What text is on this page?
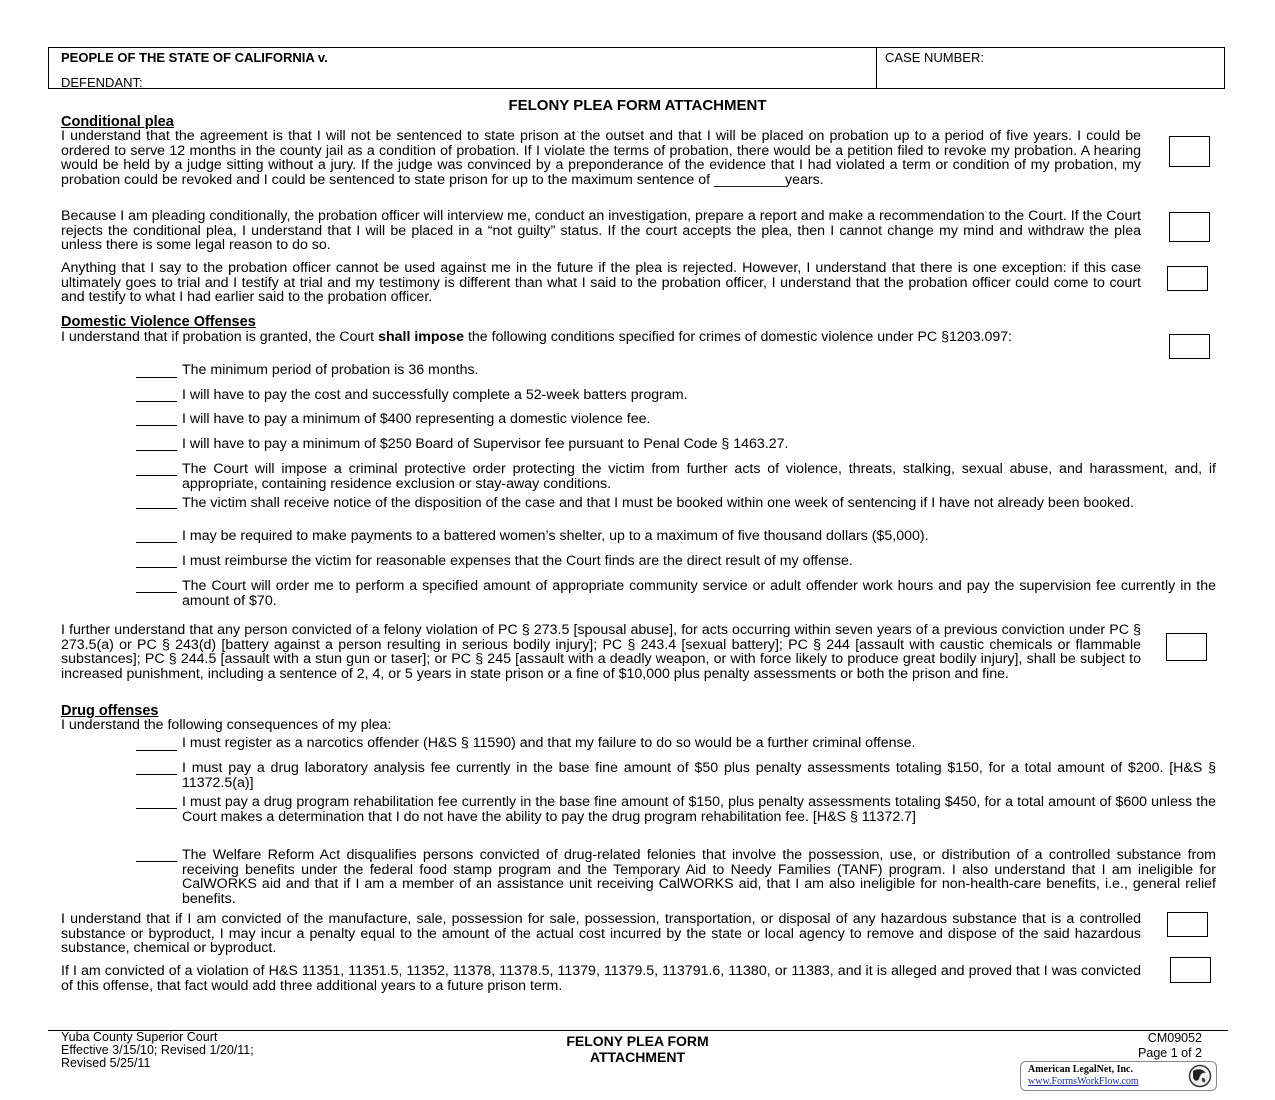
PEOPLE OF THE STATE OF CALIFORNIA v.
DEFENDANT:
CASE NUMBER:
FELONY PLEA FORM ATTACHMENT
Conditional plea

I understand that the agreement is that I will not be sentenced to state prison at the outset and that I will be placed on probation up to a period of five years. I could be ordered to serve 12 months in the county jail as a condition of probation. If I violate the terms of probation, there would be a petition filed to revoke my probation. A hearing would be held by a judge sitting without a jury. If the judge was convinced by a preponderance of the evidence that I had violated a term or condition of my probation, my probation could be revoked and I could be sentenced to state prison for up to the maximum sentence of _________years.

Because I am pleading conditionally, the probation officer will interview me, conduct an investigation, prepare a report and make a recommendation to the Court. If the Court rejects the conditional plea, I understand that I will be placed in a “not guilty” status. If the court accepts the plea, then I cannot change my mind and withdraw the plea unless there is some legal reason to do so.

Anything that I say to the probation officer cannot be used against me in the future if the plea is rejected. However, I understand that there is one exception: if this case ultimately goes to trial and I testify at trial and my testimony is different than what I said to the probation officer, I understand that the probation officer could come to court and testify to what I had earlier said to the probation officer.

Domestic Violence Offenses

I understand that if probation is granted, the Court shall impose the following conditions specified for crimes of domestic violence under PC §1203.097:

The minimum period of probation is 36 months.

I will have to pay the cost and successfully complete a 52-week batters program.

I will have to pay a minimum of $400 representing a domestic violence fee.

I will have to pay a minimum of $250 Board of Supervisor fee pursuant to Penal Code § 1463.27.

The Court will impose a criminal protective order protecting the victim from further acts of violence, threats, stalking, sexual abuse, and harassment, and, if appropriate, containing residence exclusion or stay-away conditions.

The victim shall receive notice of the disposition of the case and that I must be booked within one week of sentencing if I have not already been booked.

I may be required to make payments to a battered women’s shelter, up to a maximum of five thousand dollars ($5,000).

I must reimburse the victim for reasonable expenses that the Court finds are the direct result of my offense.

The Court will order me to perform a specified amount of appropriate community service or adult offender work hours and pay the supervision fee currently in the amount of $70.

I further understand that any person convicted of a felony violation of PC § 273.5 [spousal abuse], for acts occurring within seven years of a previous conviction under PC § 273.5(a) or PC § 243(d) [battery against a person resulting in serious bodily injury]; PC § 243.4 [sexual battery]; PC § 244 [assault with caustic chemicals or flammable substances]; PC § 244.5 [assault with a stun gun or taser]; or PC § 245 [assault with a deadly weapon, or with force likely to produce great bodily injury], shall be subject to increased punishment, including a sentence of 2, 4, or 5 years in state prison or a fine of $10,000 plus penalty assessments or both the prison and fine.

Drug offenses

I understand the following consequences of my plea:

I must register as a narcotics offender (H&S § 11590) and that my failure to do so would be a further criminal offense.

I must pay a drug laboratory analysis fee currently in the base fine amount of $50 plus penalty assessments totaling $150, for a total amount of $200. [H&S § 11372.5(a)]

I must pay a drug program rehabilitation fee currently in the base fine amount of $150, plus penalty assessments totaling $450, for a total amount of $600 unless the Court makes a determination that I do not have the ability to pay the drug program rehabilitation fee. [H&S § 11372.7]

The Welfare Reform Act disqualifies persons convicted of drug-related felonies that involve the possession, use, or distribution of a controlled substance from receiving benefits under the federal food stamp program and the Temporary Aid to Needy Families (TANF) program. I also understand that I am ineligible for CalWORKS aid and that if I am a member of an assistance unit receiving CalWORKS aid, that I am also ineligible for non-health-care benefits, i.e., general relief benefits.

I understand that if I am convicted of the manufacture, sale, possession for sale, possession, transportation, or disposal of any hazardous substance that is a controlled substance or byproduct, I may incur a penalty equal to the amount of the actual cost incurred by the state or local agency to remove and dispose of the said hazardous substance, chemical or byproduct.

If I am convicted of a violation of H&S 11351, 11351.5, 11352, 11378, 11378.5, 11379, 11379.5, 113791.6, 11380, or 11383, and it is alleged and proved that I was convicted of this offense, that fact would add three additional years to a future prison term.

Yuba County Superior Court
Effective 3/15/10; Revised 1/20/11;
Revised 5/25/11
FELONY PLEA FORM
ATTACHMENT
CM09052
Page 1 of 2
American LegalNet, Inc.
www.FormsWorkFlow.com
